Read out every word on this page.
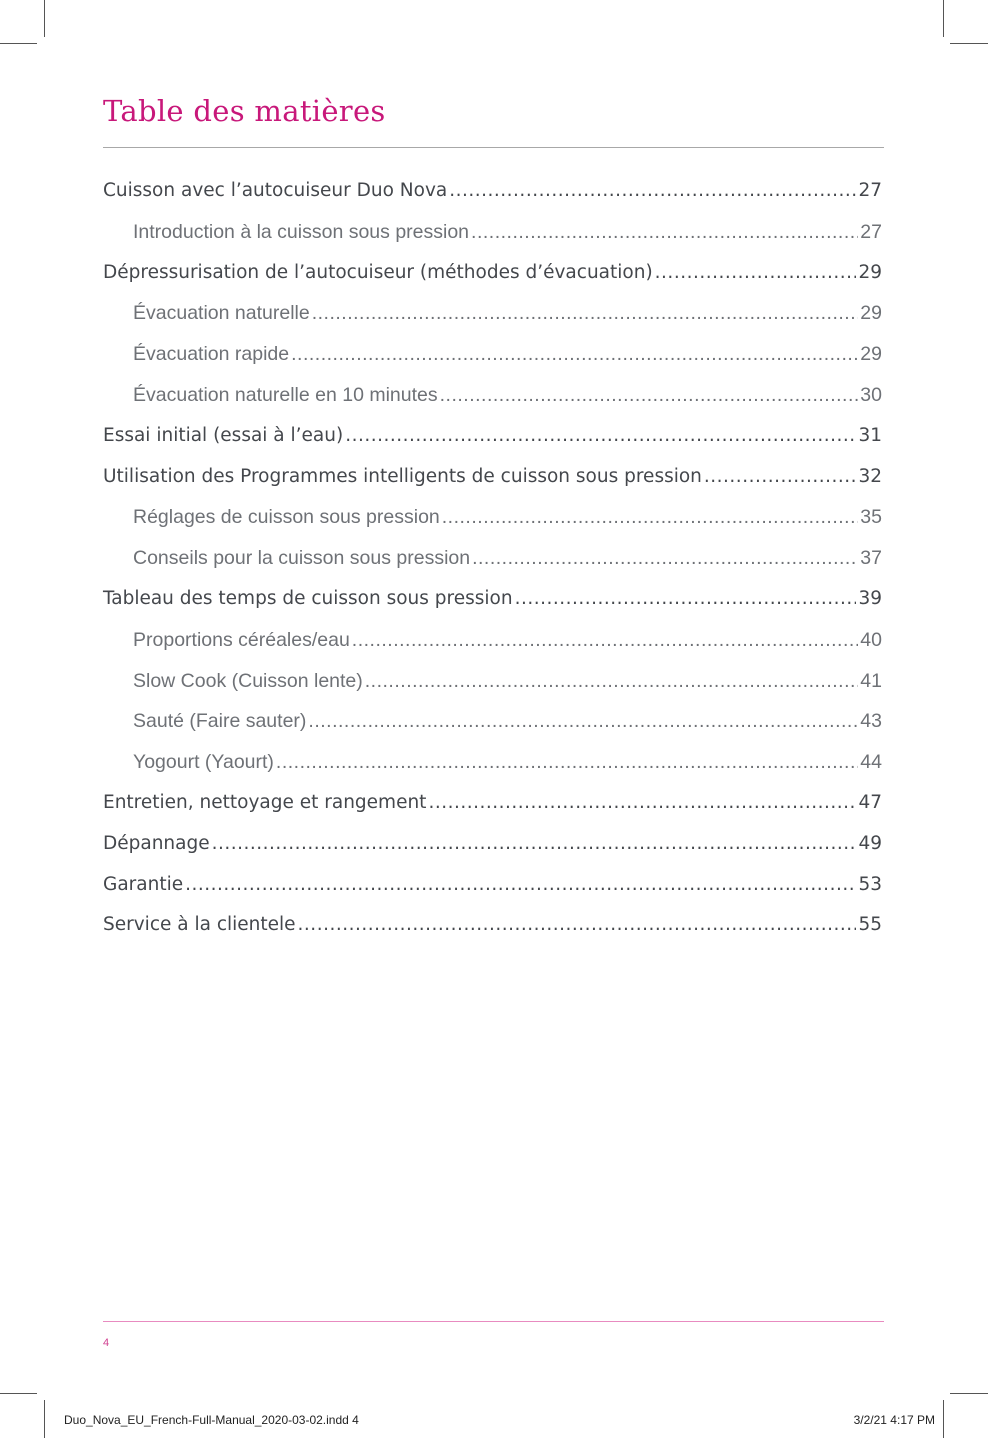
Table des matières
Cuisson avec l’autocuiseur Duo Nova .....	27
Introduction à la cuisson sous pression .....	27
Dépressurisation de l’autocuiseur (méthodes d’évacuation) .....	29
Évacuation naturelle .....	29
Évacuation rapide .....	29
Évacuation naturelle en 10 minutes .....	30
Essai initial (essai à l’eau) .....	31
Utilisation des Programmes intelligents de cuisson sous pression .....	32
Réglages de cuisson sous pression .....	35
Conseils pour la cuisson sous pression .....	37
Tableau des temps de cuisson sous pression .....	39
Proportions céréales/eau .....	40
Slow Cook (Cuisson lente) .....	41
Sauté (Faire sauter) .....	43
Yogourt (Yaourt) .....	44
Entretien, nettoyage et rangement .....	47
Dépannage .....	49
Garantie .....	53
Service à la clientele .....	55
4
Duo_Nova_EU_French-Full-Manual_2020-03-02.indd 4	3/2/21 4:17 PM
